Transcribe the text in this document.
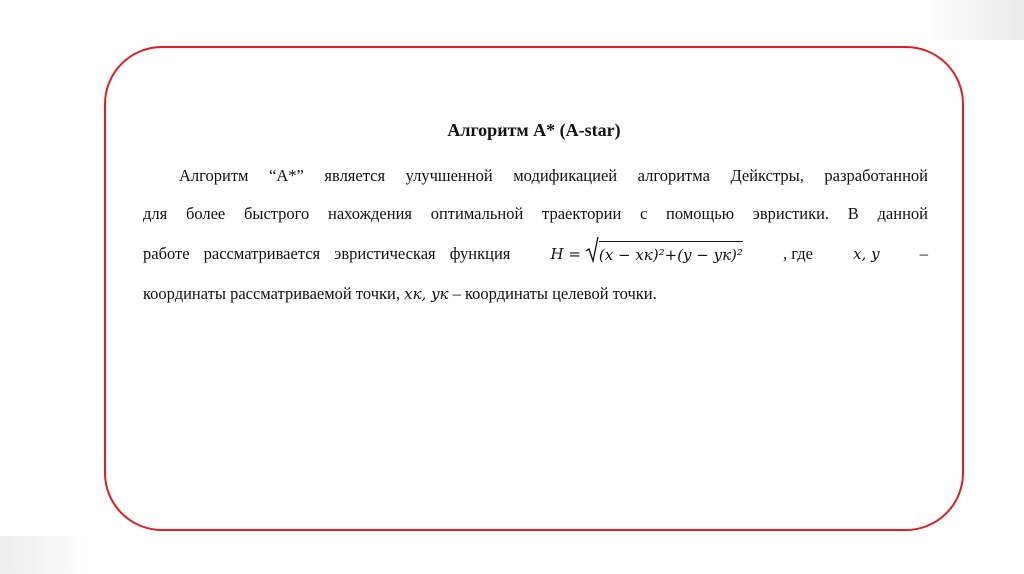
Алгоритм A* (A-star)
Алгоритм “A*” является улучшенной модификацией алгоритма Дейкстры, разработанной
для более быстрого нахождения оптимальной траектории с помощью эвристики. В данной
работе рассматривается эвристическая функция	H =	(x − xк)²+(y − yк)² , где	x, y –
координаты рассматриваемой точки, xк, yк – координаты целевой точки.
